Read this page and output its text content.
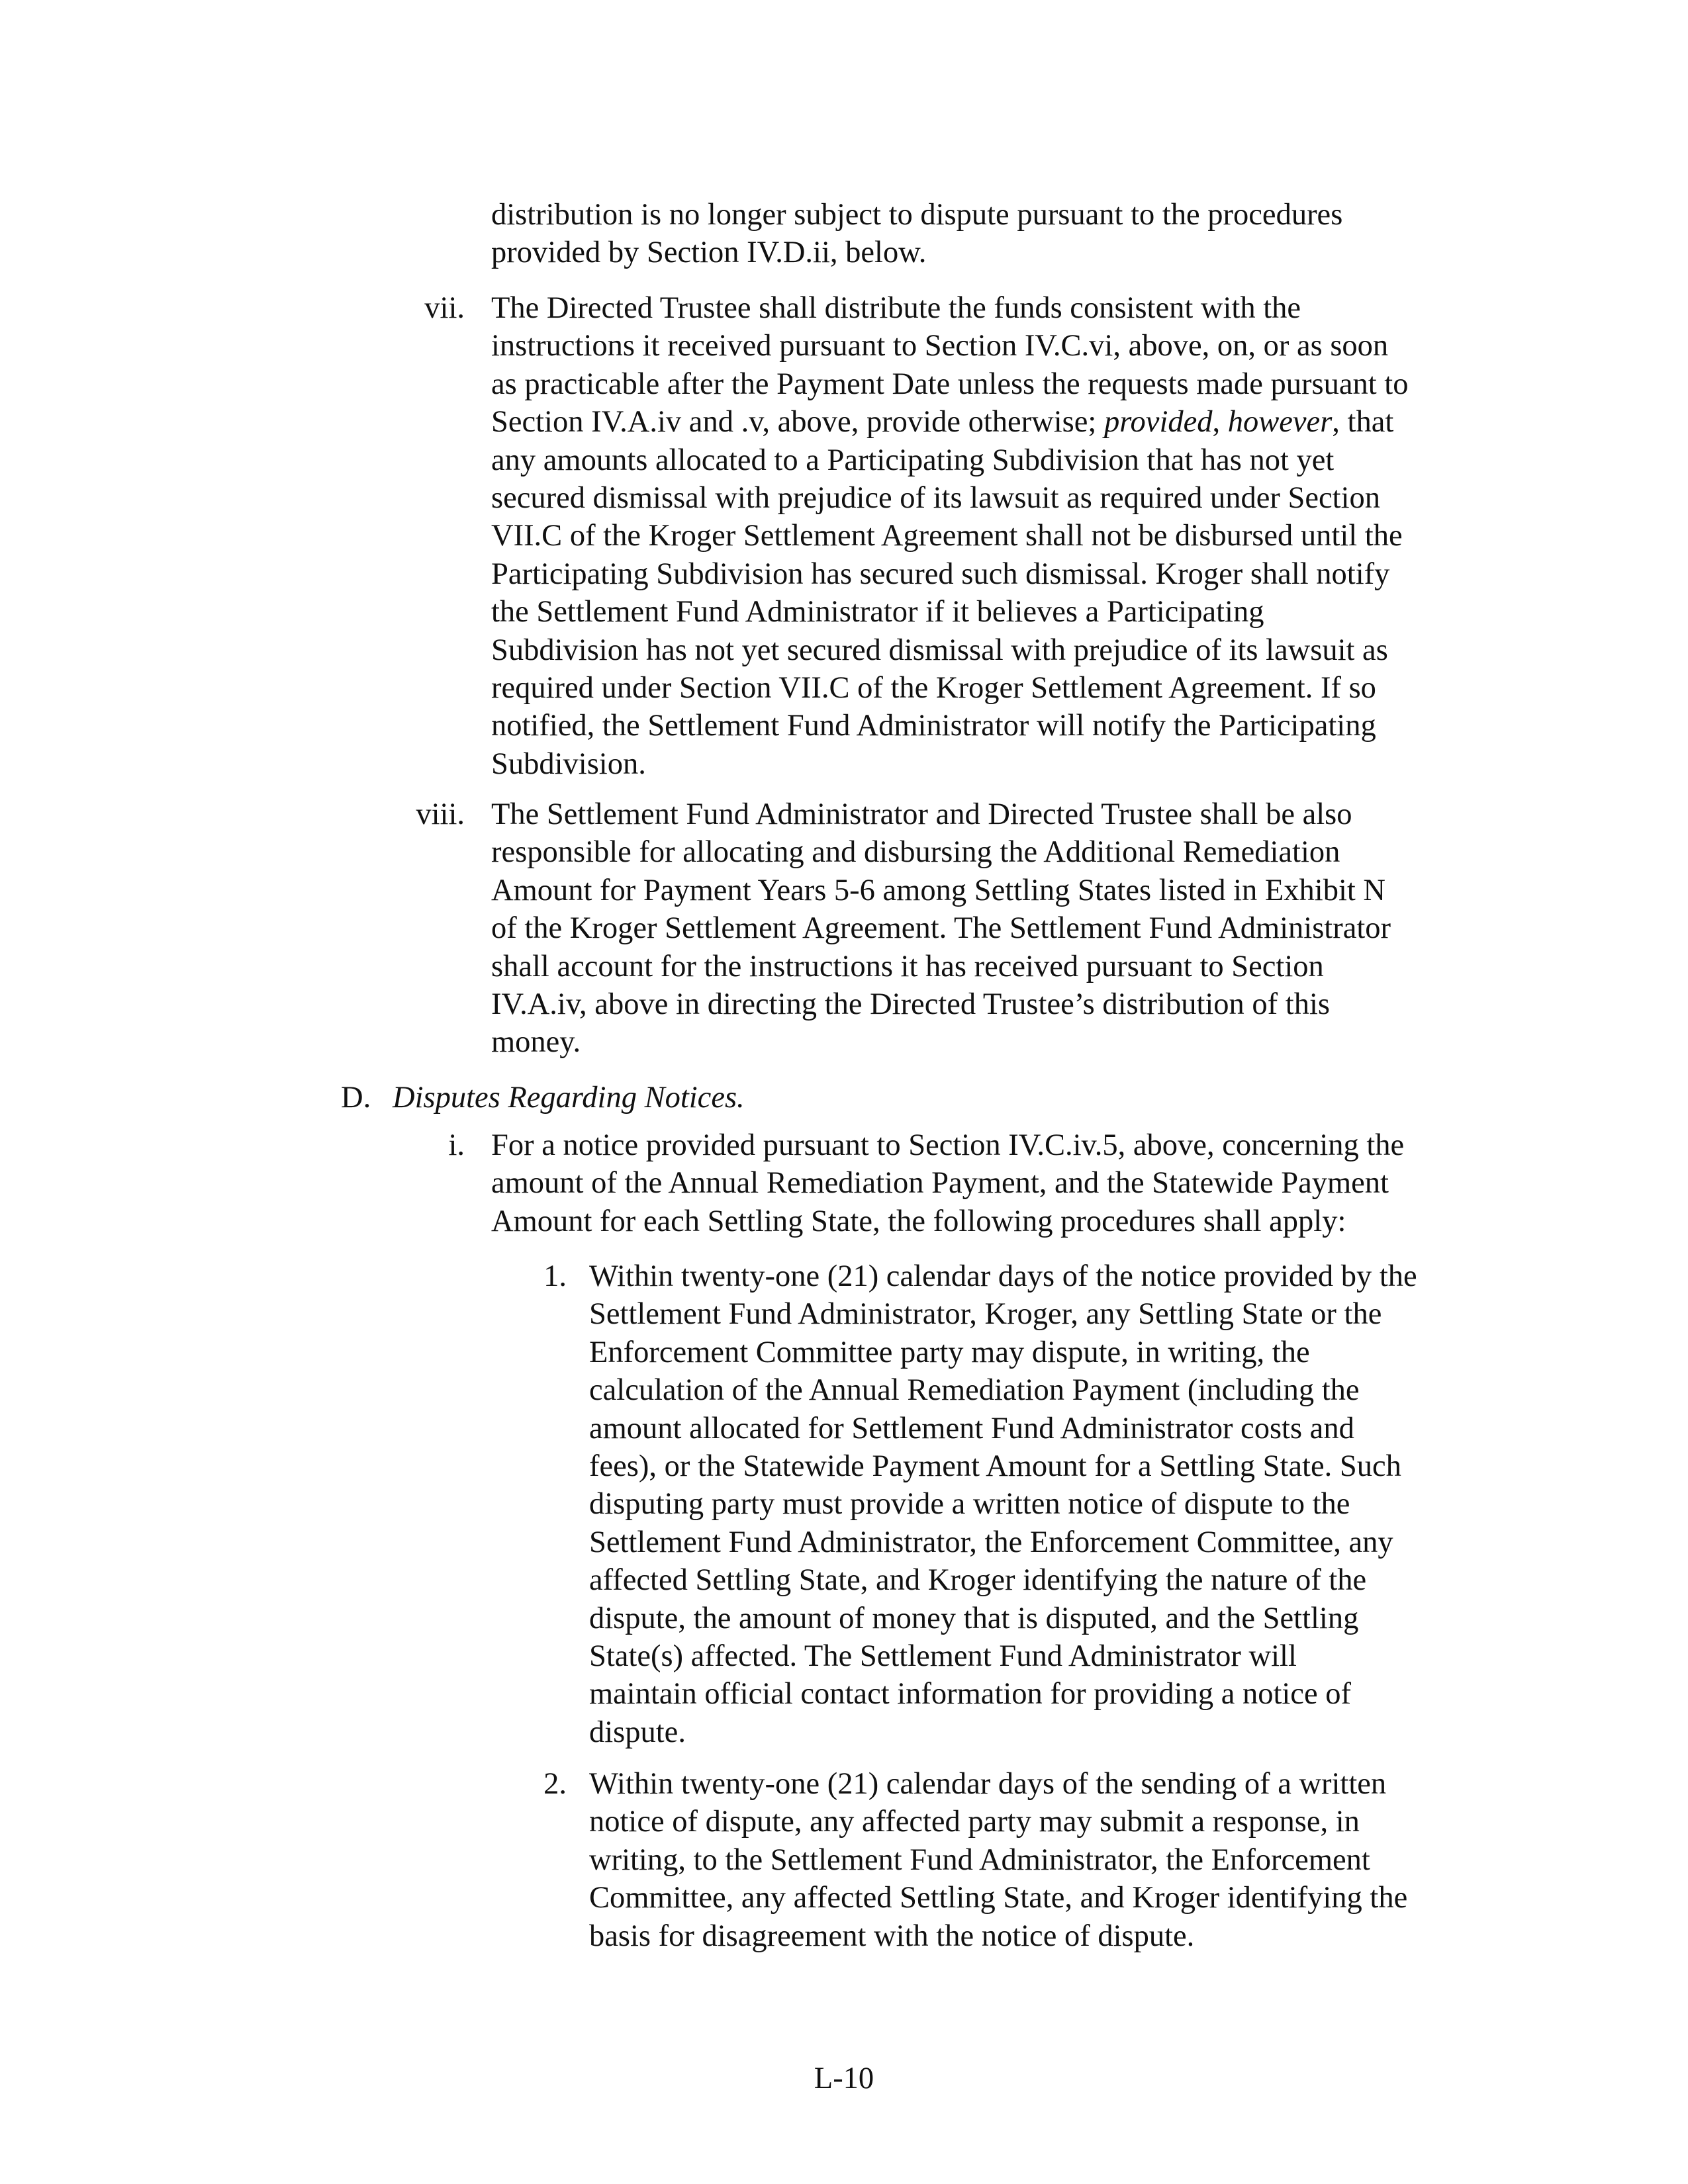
distribution is no longer subject to dispute pursuant to the procedures

provided by Section IV.D.ii, below.

vii. The Directed Trustee shall distribute the funds consistent with the

instructions it received pursuant to Section IV.C.vi, above, on, or as soon

as practicable after the Payment Date unless the requests made pursuant to

Section IV.A.iv and .v, above, provide otherwise; provided, however, that

any amounts allocated to a Participating Subdivision that has not yet

secured dismissal with prejudice of its lawsuit as required under Section

VII.C of the Kroger Settlement Agreement shall not be disbursed until the

Participating Subdivision has secured such dismissal. Kroger shall notify

the Settlement Fund Administrator if it believes a Participating

Subdivision has not yet secured dismissal with prejudice of its lawsuit as

required under Section VII.C of the Kroger Settlement Agreement. If so

notified, the Settlement Fund Administrator will notify the Participating

Subdivision.

viii. The Settlement Fund Administrator and Directed Trustee shall be also

responsible for allocating and disbursing the Additional Remediation

Amount for Payment Years 5-6 among Settling States listed in Exhibit N

of the Kroger Settlement Agreement. The Settlement Fund Administrator

shall account for the instructions it has received pursuant to Section

IV.A.iv, above in directing the Directed Trustee’s distribution of this

money.

D. Disputes Regarding Notices.
i. For a notice provided pursuant to Section IV.C.iv.5, above, concerning the

amount of the Annual Remediation Payment, and the Statewide Payment

Amount for each Settling State, the following procedures shall apply:

1. Within twenty-one (21) calendar days of the notice provided by the

Settlement Fund Administrator, Kroger, any Settling State or the

Enforcement Committee party may dispute, in writing, the

calculation of the Annual Remediation Payment (including the

amount allocated for Settlement Fund Administrator costs and

fees), or the Statewide Payment Amount for a Settling State. Such

disputing party must provide a written notice of dispute to the

Settlement Fund Administrator, the Enforcement Committee, any

affected Settling State, and Kroger identifying the nature of the

dispute, the amount of money that is disputed, and the Settling

State(s) affected. The Settlement Fund Administrator will

maintain official contact information for providing a notice of

dispute.

2. Within twenty-one (21) calendar days of the sending of a written

notice of dispute, any affected party may submit a response, in

writing, to the Settlement Fund Administrator, the Enforcement

Committee, any affected Settling State, and Kroger identifying the

basis for disagreement with the notice of dispute.

L-10
